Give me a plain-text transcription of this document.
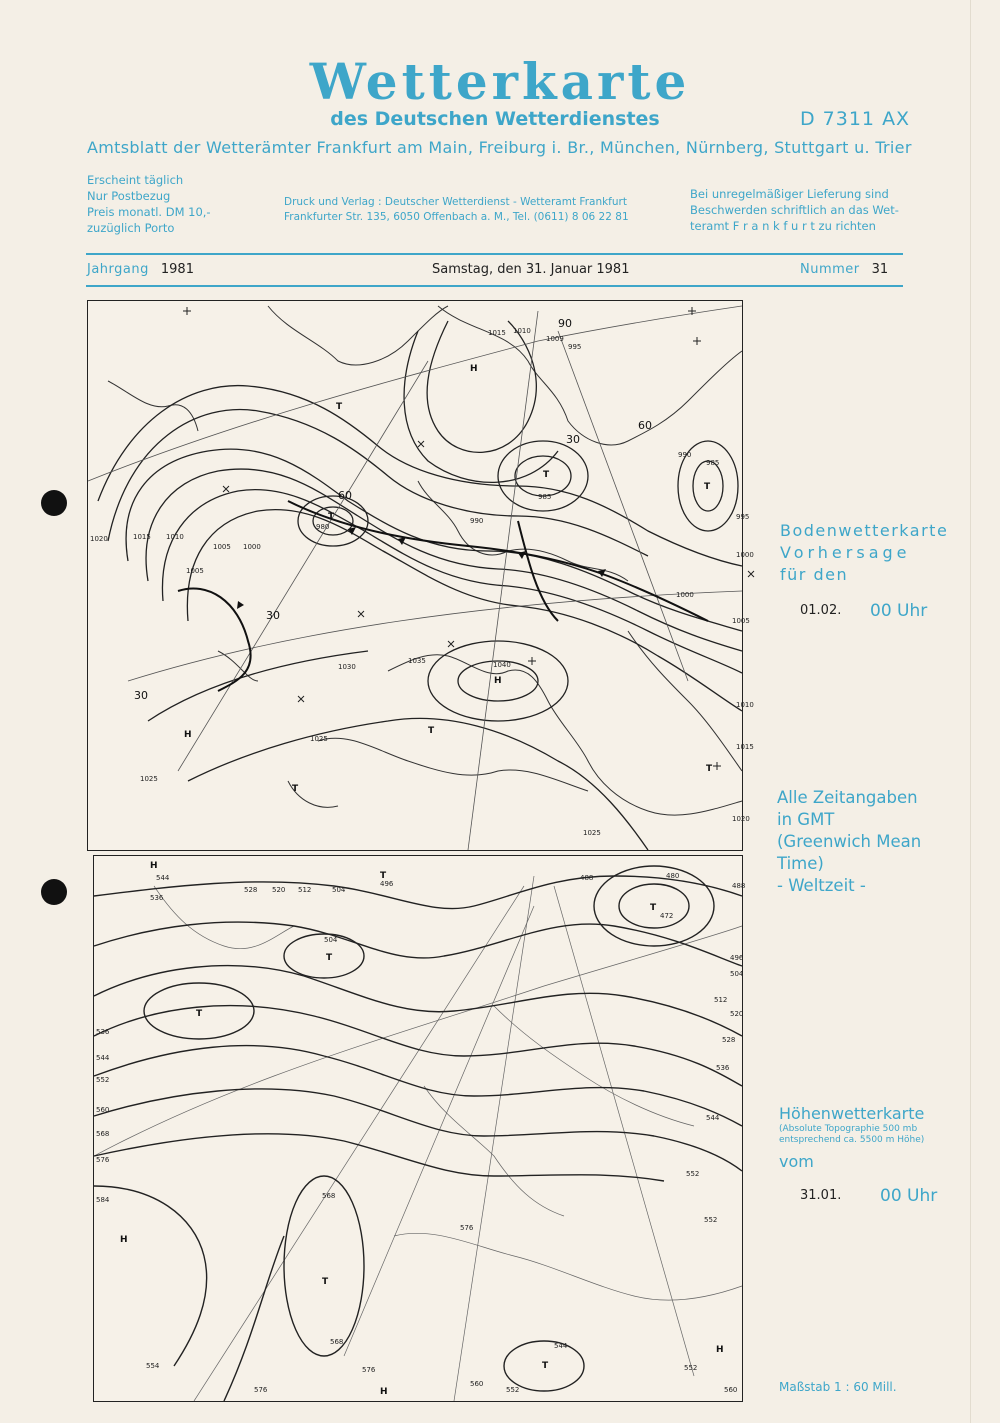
Wetterkarte
des Deutschen Wetterdienstes	D 7311 AX
Amtsblatt der Wetterämter Frankfurt am Main, Freiburg i. Br., München, Nürnberg, Stuttgart u. Trier
Erscheint täglich
Nur Postbezug
Preis monatl. DM 10,-
zuzüglich Porto
Druck und Verlag : Deutscher Wetterdienst - Wetteramt Frankfurt
Frankfurter Str. 135, 6050 Offenbach a. M., Tel. (0611) 8 06 22 81
Bei unregelmäßiger Lieferung sind
Beschwerden schriftlich an das Wet-
teramt F r a n k f u r t zu richten
Jahrgang 1981	Samstag, den 31. Januar 1981	Nummer 31
1015 1010
1009
995
990
985
1005 1000
980
1020	1015 1010
1005
1030
1035	1040
1025
1025
1020
1015
1010
1005
1000
1025
990
985
995
1000
H
T
T
T
T
H
H
T
T
T
60
60
30
30
90
30
544
536
528 520 512	504
496
488	480
472
488
496
504
512
520
528
536
544
552
560
568
576
584	568
576
552
544
536
504
552
576
568
560
552
554
576
544
552
560
H
T
T
T
T
H
T
H
T
H
Bodenwetterkarte
Vorhersage
für den
01.02. 00 Uhr
Alle Zeitangaben
in GMT
(Greenwich Mean
Time)
- Weltzeit -
Höhenwetterkarte
(Absolute Topographie 500 mb
entsprechend ca. 5500 m Höhe)
vom
31.01. 00 Uhr
Maßstab 1 : 60 Mill.
